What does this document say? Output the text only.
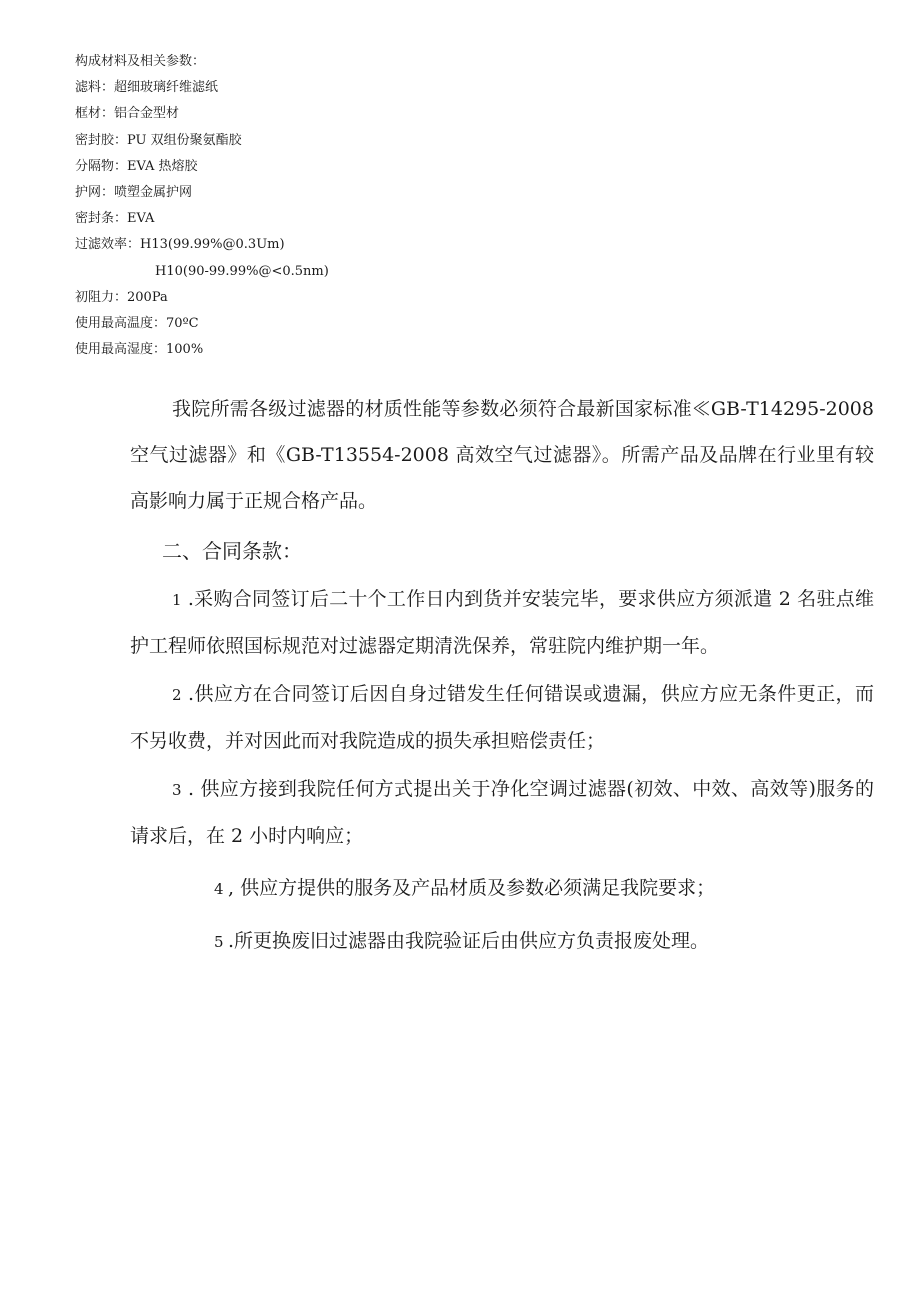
构成材料及相关参数：
滤料：超细玻璃纤维滤纸
框材：铝合金型材
密封胶：PU 双组份聚氨酯胶
分隔物：EVA 热熔胶
护网：喷塑金属护网
密封条：EVA
过滤效率：H13(99.99%@0.3Um)
H10(90-99.99%@<0.5nm)
初阻力：200Pa
使用最高温度：70ºC
使用最高湿度：100%

我院所需各级过滤器的材质性能等参数必须符合最新国家标准≪GB-T14295-2008 空气过滤器》和《GB-T13554-2008 高效空气过滤器》。所需产品及品牌在行业里有较高影响力属于正规合格产品。

二、合同条款：

1 .采购合同签订后二十个工作日内到货并安装完毕，要求供应方须派遣 2 名驻点维护工程师依照国标规范对过滤器定期清洗保养，常驻院内维护期一年。

2 .供应方在合同签订后因自身过错发生任何错误或遗漏，供应方应无条件更正，而不另收费，并对因此而对我院造成的损失承担赔偿责任；

3 . 供应方接到我院任何方式提出关于净化空调过滤器(初效、中效、高效等)服务的请求后，在 2 小时内响应；

4 , 供应方提供的服务及产品材质及参数必须满足我院要求；

5 .所更换废旧过滤器由我院验证后由供应方负责报废处理。
